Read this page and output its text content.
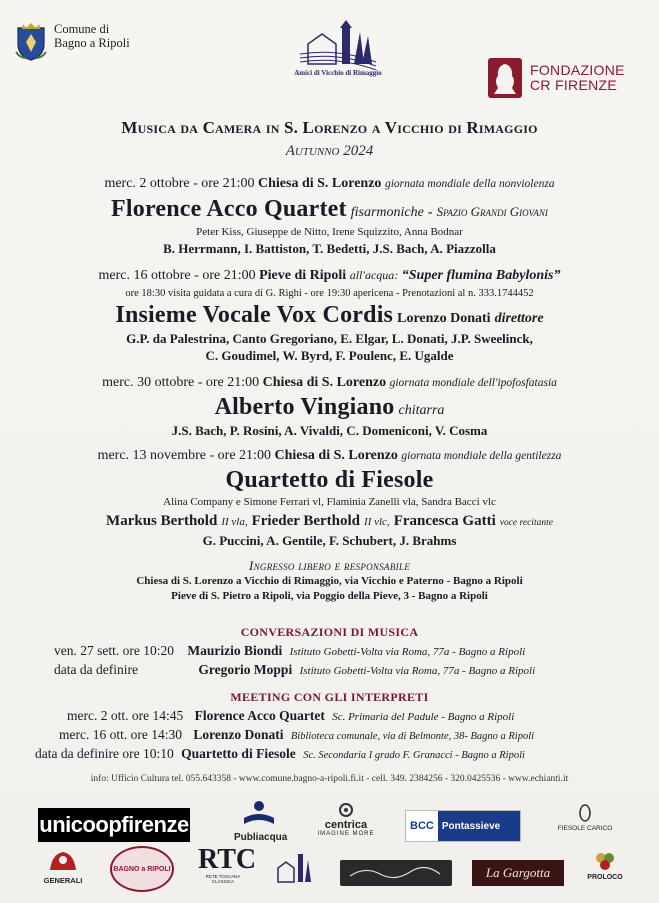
Comune di
Bagno a Ripoli
Amici di Vicchio di Rimaggio	FONDAZIONE
CR FIRENZE
Musica da Camera in S. Lorenzo a Vicchio di Rimaggio
Autunno 2024
merc. 2 ottobre - ore 21:00 Chiesa di S. Lorenzo giornata mondiale della nonviolenza
Florence Acco Quartet fisarmoniche - Spazio Grandi Giovani
Peter Kiss, Giuseppe de Nitto, Irene Squizzito, Anna Bodnar
B. Herrmann, I. Battiston, T. Bedetti, J.S. Bach, A. Piazzolla
merc. 16 ottobre - ore 21:00 Pieve di Ripoli all'acqua: “Super flumina Babylonis”
ore 18:30 visita guidata a cura di G. Righi - ore 19:30 apericena - Prenotazioni al n. 333.1744452
Insieme Vocale Vox Cordis Lorenzo Donati direttore
G.P. da Palestrina, Canto Gregoriano, E. Elgar, L. Donati, J.P. Sweelinck,
C. Goudimel, W. Byrd, F. Poulenc, E. Ugalde
merc. 30 ottobre - ore 21:00 Chiesa di S. Lorenzo giornata mondiale dell'ipofosfatasia
Alberto Vingiano chitarra
J.S. Bach, P. Rosini, A. Vivaldi, C. Domeniconi, V. Cosma
merc. 13 novembre - ore 21:00 Chiesa di S. Lorenzo giornata mondiale della gentilezza
Quartetto di Fiesole
Alina Company e Simone Ferrari vl, Flaminia Zanelli vla, Sandra Bacci vlc
Markus Berthold II vla, Frieder Berthold II vlc, Francesca Gatti voce recitante
G. Puccini, A. Gentile, F. Schubert, J. Brahms
Ingresso libero e responsabile
Chiesa di S. Lorenzo a Vicchio di Rimaggio, via Vicchio e Paterno - Bagno a Ripoli
Pieve di S. Pietro a Ripoli, via Poggio della Pieve, 3 - Bagno a Ripoli
CONVERSAZIONI DI MUSICA
ven. 27 sett. ore 10:20 Maurizio Biondi Istituto Gobetti-Volta via Roma, 77a - Bagno a Ripoli
data da definire	Gregorio Moppi Istituto Gobetti-Volta via Roma, 77a - Bagno a Ripoli
MEETING CON GLI INTERPRETI
merc. 2 ott. ore 14:45 Florence Acco Quartet Sc. Primaria del Padule - Bagno a Ripoli
merc. 16 ott. ore 14:30 Lorenzo Donati Biblioteca comunale, via di Belmonte, 38- Bagno a Ripoli
data da definire ore 10:10 Quartetto di Fiesole Sc. Secondaria I grado F. Granacci - Bagno a Ripoli
info: Ufficio Cultura tel. 055.643358 - www.comune.bagno-a-ripoli.fi.it - cell. 349. 2384256 - 320.0425536 - www.echianti.it
unicoopfirenze
Publiacqua
centrica
IMAGINE MORE
BCC Pontassieve	FIESOLE CARICO
GENERALI
BAGNO a RIPOLI RTC
RETE TOSCANA CLASSICA
La Gargotta	PROLOCO
